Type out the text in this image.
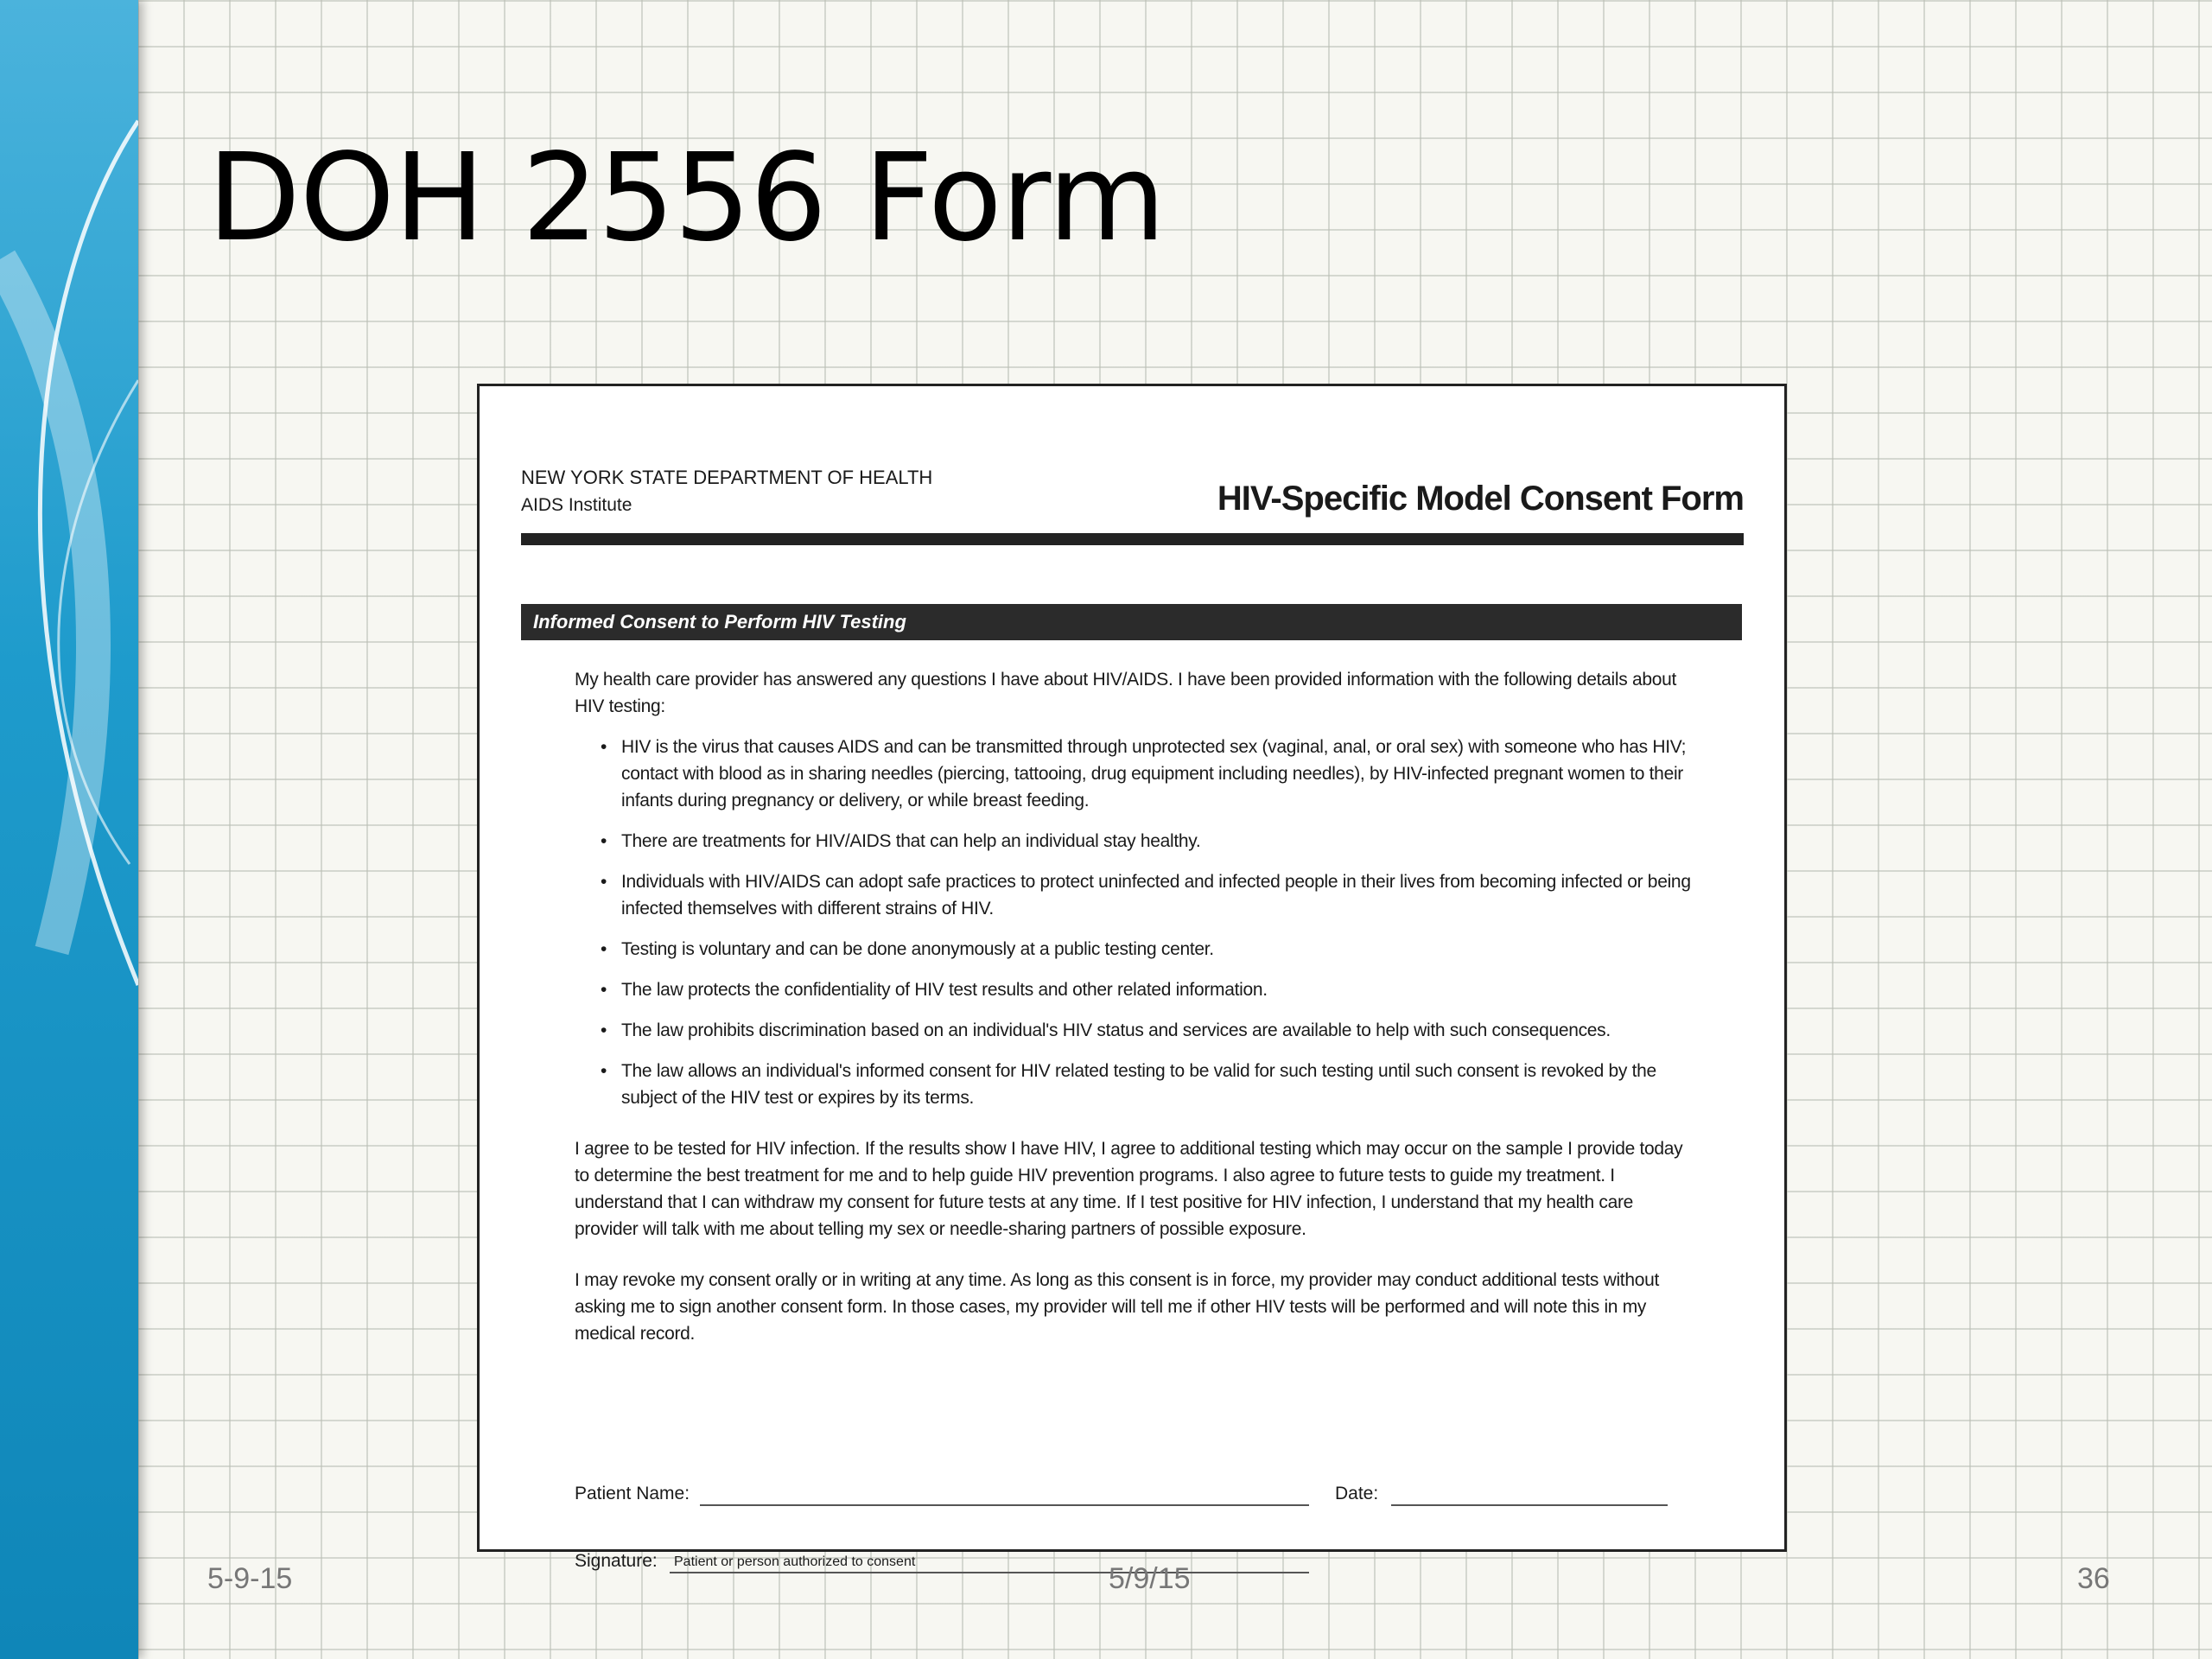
DOH 2556 Form
NEW YORK STATE DEPARTMENT OF HEALTH
AIDS Institute	HIV-Specific Model Consent Form
Informed Consent to Perform HIV Testing

My health care provider has answered any questions I have about HIV/AIDS. I have been provided information with the following details about HIV testing:

• HIV is the virus that causes AIDS and can be transmitted through unprotected sex (vaginal, anal, or oral sex) with someone who has HIV; contact with blood as in sharing needles (piercing, tattooing, drug equipment including needles), by HIV-infected pregnant women to their infants during pregnancy or delivery, or while breast feeding.
• There are treatments for HIV/AIDS that can help an individual stay healthy.
• Individuals with HIV/AIDS can adopt safe practices to protect uninfected and infected people in their lives from becoming infected or being infected themselves with different strains of HIV.
• Testing is voluntary and can be done anonymously at a public testing center.
• The law protects the confidentiality of HIV test results and other related information.
• The law prohibits discrimination based on an individual's HIV status and services are available to help with such consequences.
• The law allows an individual's informed consent for HIV related testing to be valid for such testing until such consent is revoked by the subject of the HIV test or expires by its terms.

I agree to be tested for HIV infection. If the results show I have HIV, I agree to additional testing which may occur on the sample I provide today to determine the best treatment for me and to help guide HIV prevention programs. I also agree to future tests to guide my treatment. I understand that I can withdraw my consent for future tests at any time. If I test positive for HIV infection, I understand that my health care provider will talk with me about telling my sex or needle-sharing partners of possible exposure.

I may revoke my consent orally or in writing at any time. As long as this consent is in force, my provider may conduct additional tests without asking me to sign another consent form. In those cases, my provider will tell me if other HIV tests will be performed and will note this in my medical record.

Patient Name:	Date:
Signature: Patient or person authorized to consent
5-9-15	5/9/15	36
